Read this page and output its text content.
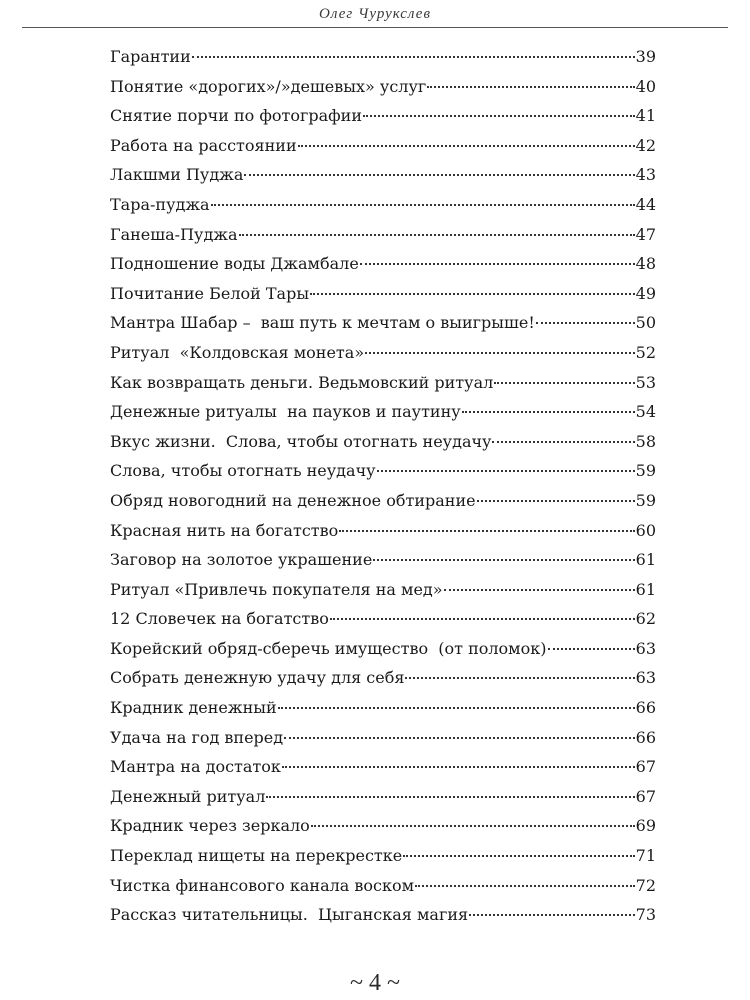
Олег Чурукслев
Гарантии	39
Понятие «дорогих»/»дешевых» услуг	40
Снятие порчи по фотографии	41
Работа на расстоянии	42
Лакшми Пуджа	43
Тара-пуджа	44
Ганеша-Пуджа	47
Подношение воды Джамбале	48
Почитание Белой Тары	49
Мантра Шабар –  ваш путь к мечтам о выигрыше!	50
Ритуал  «Колдовская монета»	52
Как возвращать деньги. Ведьмовский ритуал	53
Денежные ритуалы  на пауков и паутину	54
Вкус жизни.  Слова, чтобы отогнать неудачу	58
Слова, чтобы отогнать неудачу	59
Обряд новогодний на денежное обтирание	59
Красная нить на богатство	60
Заговор на золотое украшение	61
Ритуал «Привлечь покупателя на мед»	61
12 Словечек на богатство	62
Корейский обряд-сберечь имущество  (от поломок)	63
Собрать денежную удачу для себя	63
Крадник денежный	66
Удача на год вперед	66
Мантра на достаток	67
Денежный ритуал	67
Крадник через зеркало	69
Переклад нищеты на перекрестке	71
Чистка финансового канала воском	72
Рассказ читательницы.  Цыганская магия	73
~ 4 ~
